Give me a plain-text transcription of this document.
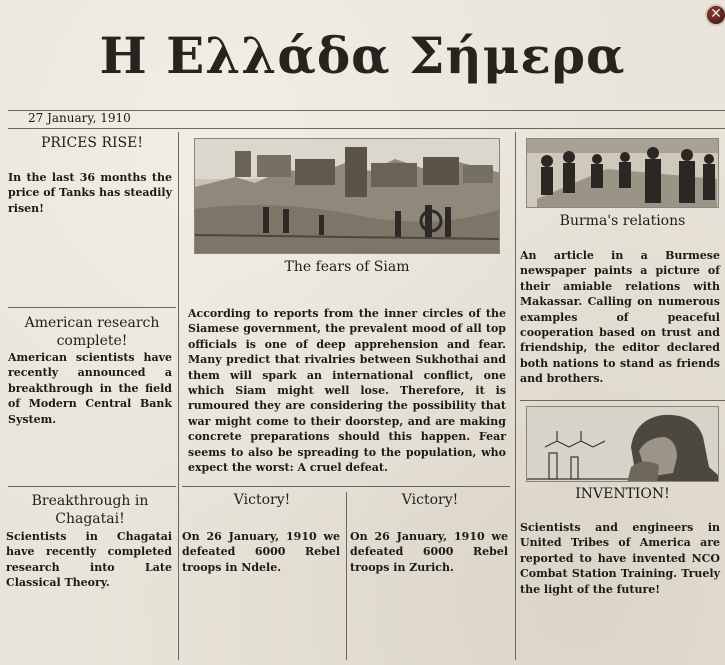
✕
Η Ελλάδα Σήμερα
27 January, 1910
PRICES RISE!
In the last 36 months the price of Tanks has steadily risen!
American research complete!
American scientists have recently announced a breakthrough in the field of Modern Central Bank System.
Breakthrough in Chagatai!
Scientists in Chagatai have recently completed research into Late Classical Theory.
The fears of Siam
According to reports from the inner circles of the Siamese government, the prevalent mood of all top officials is one of deep apprehension and fear. Many predict that rivalries between Sukhothai and them will spark an international conflict, one which Siam might well lose. Therefore, it is rumoured they are considering the possibility that war might come to their doorstep, and are making concrete preparations should this happen. Fear seems to also be spreading to the population, who expect the worst: A cruel defeat.
Victory!
On 26 January, 1910 we defeated 6000 Rebel troops in Ndele.
Victory!
On 26 January, 1910 we defeated 6000 Rebel troops in Zurich.
Burma's relations
An article in a Burmese newspaper paints a picture of their amiable relations with Makassar. Calling on numerous examples of peaceful cooperation based on trust and friendship, the editor declared both nations to stand as friends and brothers.
INVENTION!
Scientists and engineers in United Tribes of America are reported to have invented NCO Combat Station Training. Truely the light of the future!
